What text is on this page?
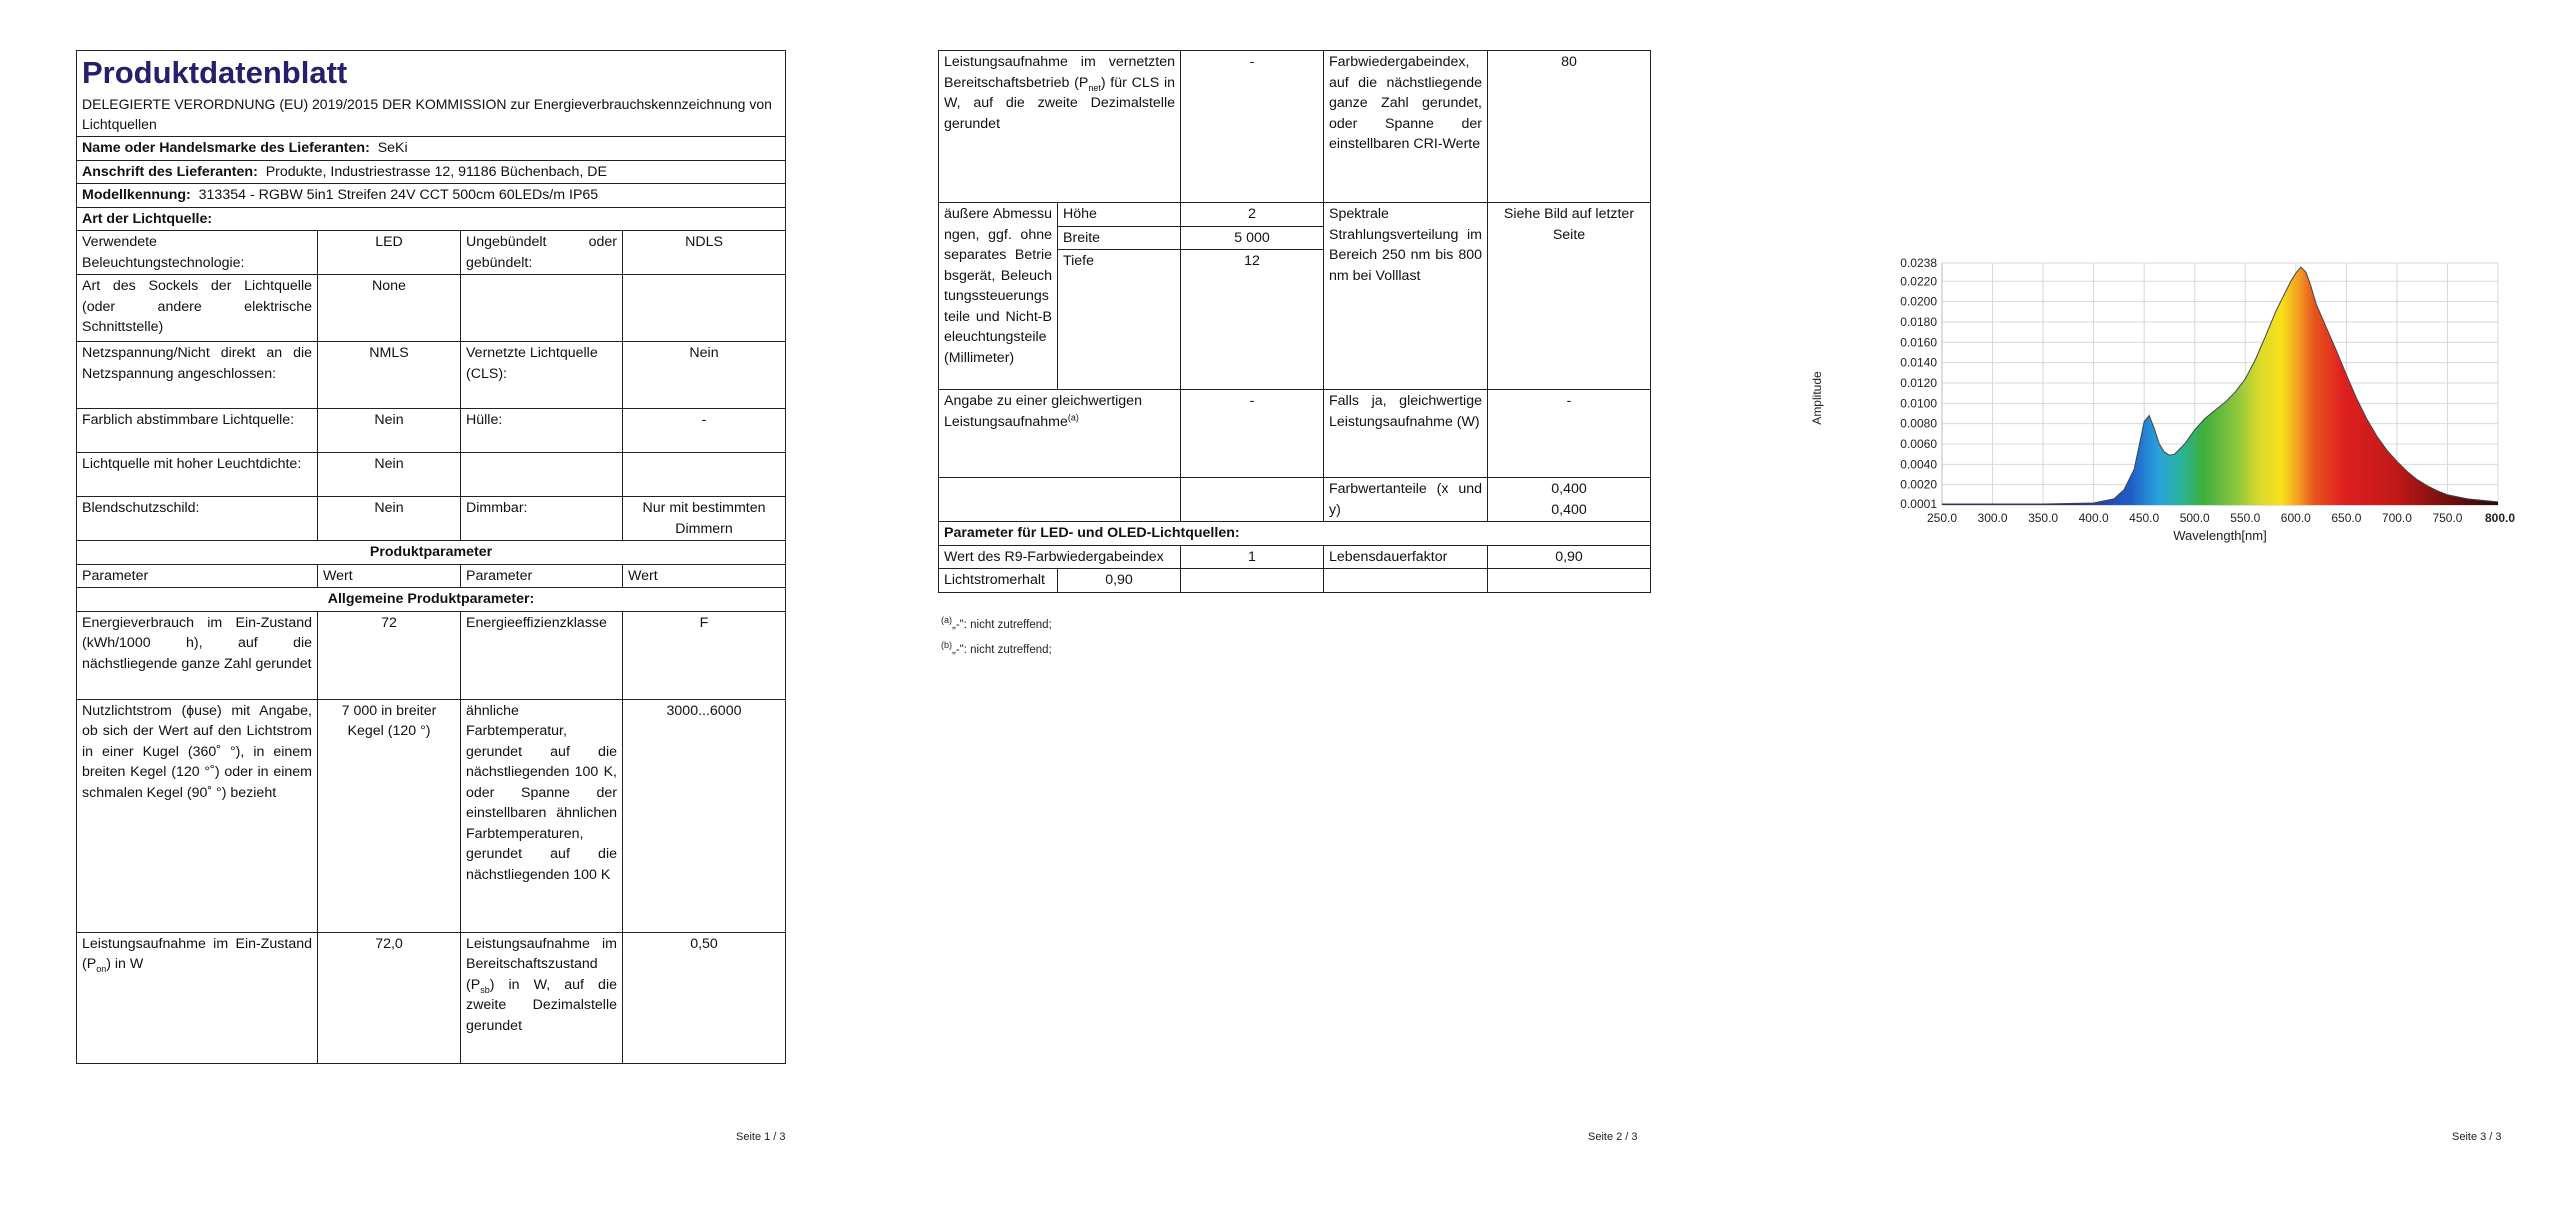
Produktdatenblatt
DELEGIERTE VERORDNUNG (EU) 2019/2015 DER KOMMISSION zur Energieverbrauchskennzeichnung von Lichtquellen			

Name oder Handelsmarke des Lieferanten: SeKi			
Anschrift des Lieferanten: Produkte, Industriestrasse 12, 91186 Büchenbach, DE			
Modellkennung: 313354 - RGBW 5in1 Streifen 24V CCT 500cm 60LEDs/m IP65			
Art der Lichtquelle:			
Verwendete Beleuchtungstechnologie:	LED	Ungebündelt oder gebündelt:	NDLS
Art des Sockels der Lichtquelle (oder andere elektrische Schnittstelle)	None		
Netzspannung/Nicht direkt an die Netzspannung angeschlossen:	NMLS	Vernetzte Lichtquelle (CLS):	Nein
Farblich abstimmbare Lichtquelle:	Nein	Hülle:	-
Lichtquelle mit hoher Leuchtdichte:	Nein		
Blendschutzschild:	Nein	Dimmbar:	Nur mit bestimmten Dimmern
Produktparameter			
Parameter	Wert	Parameter	Wert
Allgemeine Produktparameter:			
Energieverbrauch im Ein-Zustand (kWh/1000 h), auf die nächstliegende ganze Zahl gerundet	72	Energieeffizienzklasse	F
Nutzlichtstrom (ɸuse) mit Angabe, ob sich der Wert auf den Lichtstrom in einer Kugel (360˚ °), in einem breiten Kegel (120 °˚) oder in einem schmalen Kegel (90˚ °) bezieht	7 000 in breiter Kegel (120 °)	ähnliche Farbtemperatur, gerundet auf die nächstliegenden 100 K, oder Spanne der einstellbaren ähnlichen Farbtemperaturen, gerundet auf die nächstliegenden 100 K	3000...6000
Leistungsaufnahme im Ein-Zustand $(P_{on})$ in W	72,0	Leistungsaufnahme im Bereitschaftszustand $(P_{sb})$ in W, auf die zweite Dezimalstelle gerundet	0,50
Seite 1 / 3
Leistungsaufnahme im vernetzten Bereitschaftsbetrieb $(P_{net})$ für CLS in W, auf die zweite Dezimalstelle gerundet		-	Farbwiedergabeindex, auf die nächstliegende ganze Zahl gerundet, oder Spanne der einstellbaren CRI-Werte	80
äußere Abmessungen, ggf. ohne separates Betriebsgerät, Beleuchtungssteuerungsteile und Nicht-Beleuchtungsteile (Millimeter)	Höhe	2	Spektrale Strahlungsverteilung im Bereich 250 nm bis 800 nm bei Volllast	Siehe Bild auf letzter Seite
	Breite	5 000		
	Tiefe	12		
Angabe zu einer gleichwertigen Leistungsaufnahme$^{(a)}$		-	Falls ja, gleichwertige Leistungsaufnahme (W)	-
			Farbwertanteile (x und y)	0,400
0,400

Parameter für LED- und OLED-Lichtquellen:				
Wert des R9-Farbwiedergabeindex		1	Lebensdauerfaktor	0,90
Lichtstromerhalt	0,90			
$^{(a)}$„-": nicht zutreffend;
$^{(b)}$„-": nicht zutreffend;
Seite 2 / 3	Seite 3 / 3
250.0 300.0 350.0 400.0 450.0 500.0 550.0 600.0 650.0 700.0 750.0 800.0
0.0001
0.0020
0.0040
0.0060
0.0080
0.0100
0.0120
0.0140
0.0160
0.0180
0.0200
0.0220
0.0238
Wavelength[nm]
Amplitude
